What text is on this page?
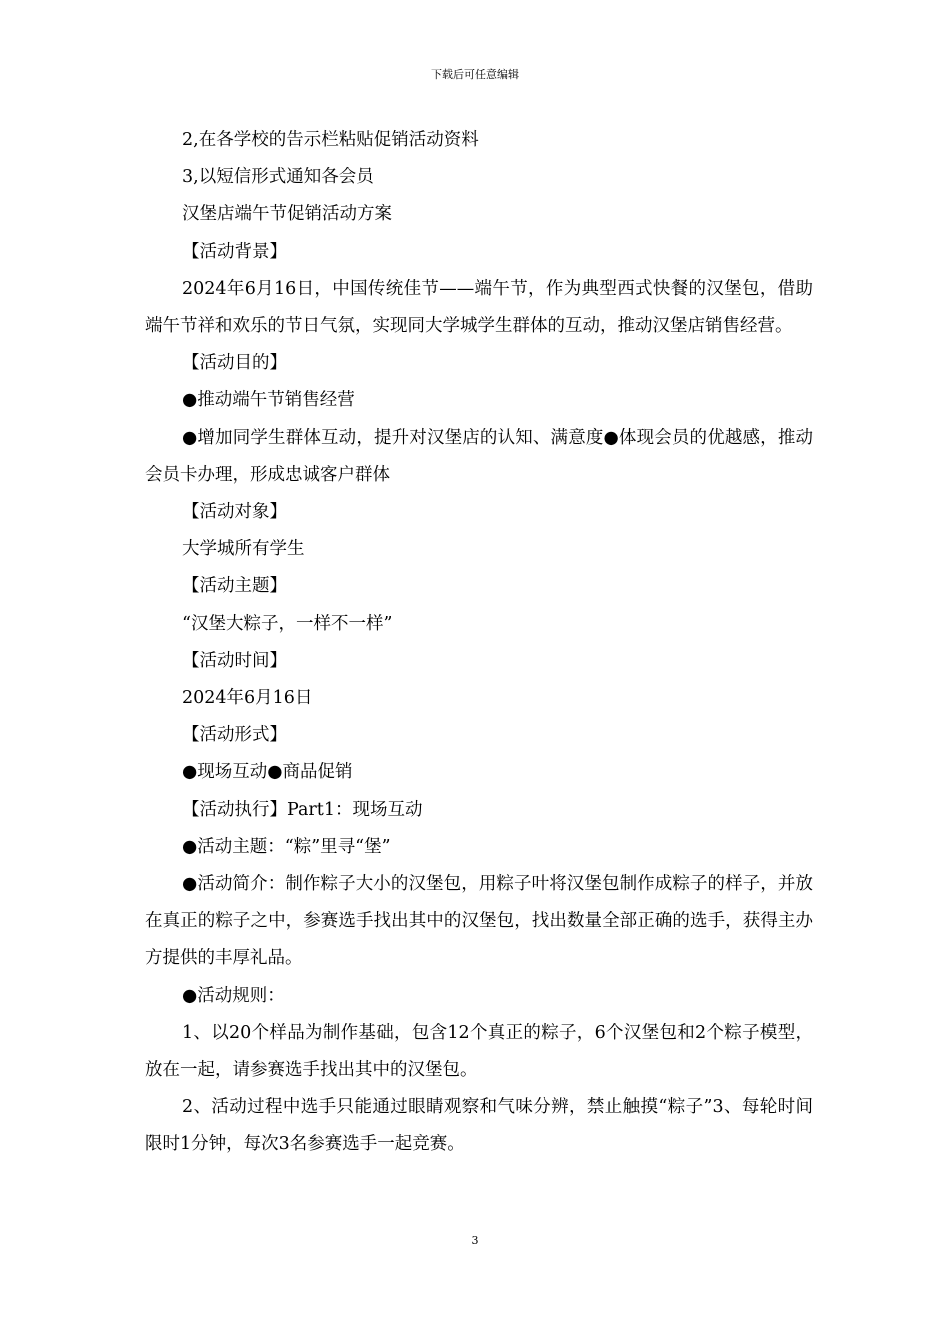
下载后可任意编辑

2,在各学校的告示栏粘贴促销活动资料

3,以短信形式通知各会员

汉堡店端午节促销活动方案

【活动背景】

2024年6月16日，中国传统佳节——端午节，作为典型西式快餐的汉堡包，借助端午节祥和欢乐的节日气氛，实现同大学城学生群体的互动，推动汉堡店销售经营。

【活动目的】

●推动端午节销售经营

●增加同学生群体互动，提升对汉堡店的认知、满意度●体现会员的优越感，推动会员卡办理，形成忠诚客户群体

【活动对象】

大学城所有学生

【活动主题】

“汉堡大粽子，一样不一样”

【活动时间】

2024年6月16日

【活动形式】

●现场互动●商品促销

【活动执行】Part1：现场互动

●活动主题：“粽”里寻“堡”

●活动简介：制作粽子大小的汉堡包，用粽子叶将汉堡包制作成粽子的样子，并放在真正的粽子之中，参赛选手找出其中的汉堡包，找出数量全部正确的选手，获得主办方提供的丰厚礼品。

●活动规则：

1、以20个样品为制作基础，包含12个真正的粽子，6个汉堡包和2个粽子模型，放在一起，请参赛选手找出其中的汉堡包。

2、活动过程中选手只能通过眼睛观察和气味分辨，禁止触摸“粽子”3、每轮时间限时1分钟，每次3名参赛选手一起竞赛。

3
